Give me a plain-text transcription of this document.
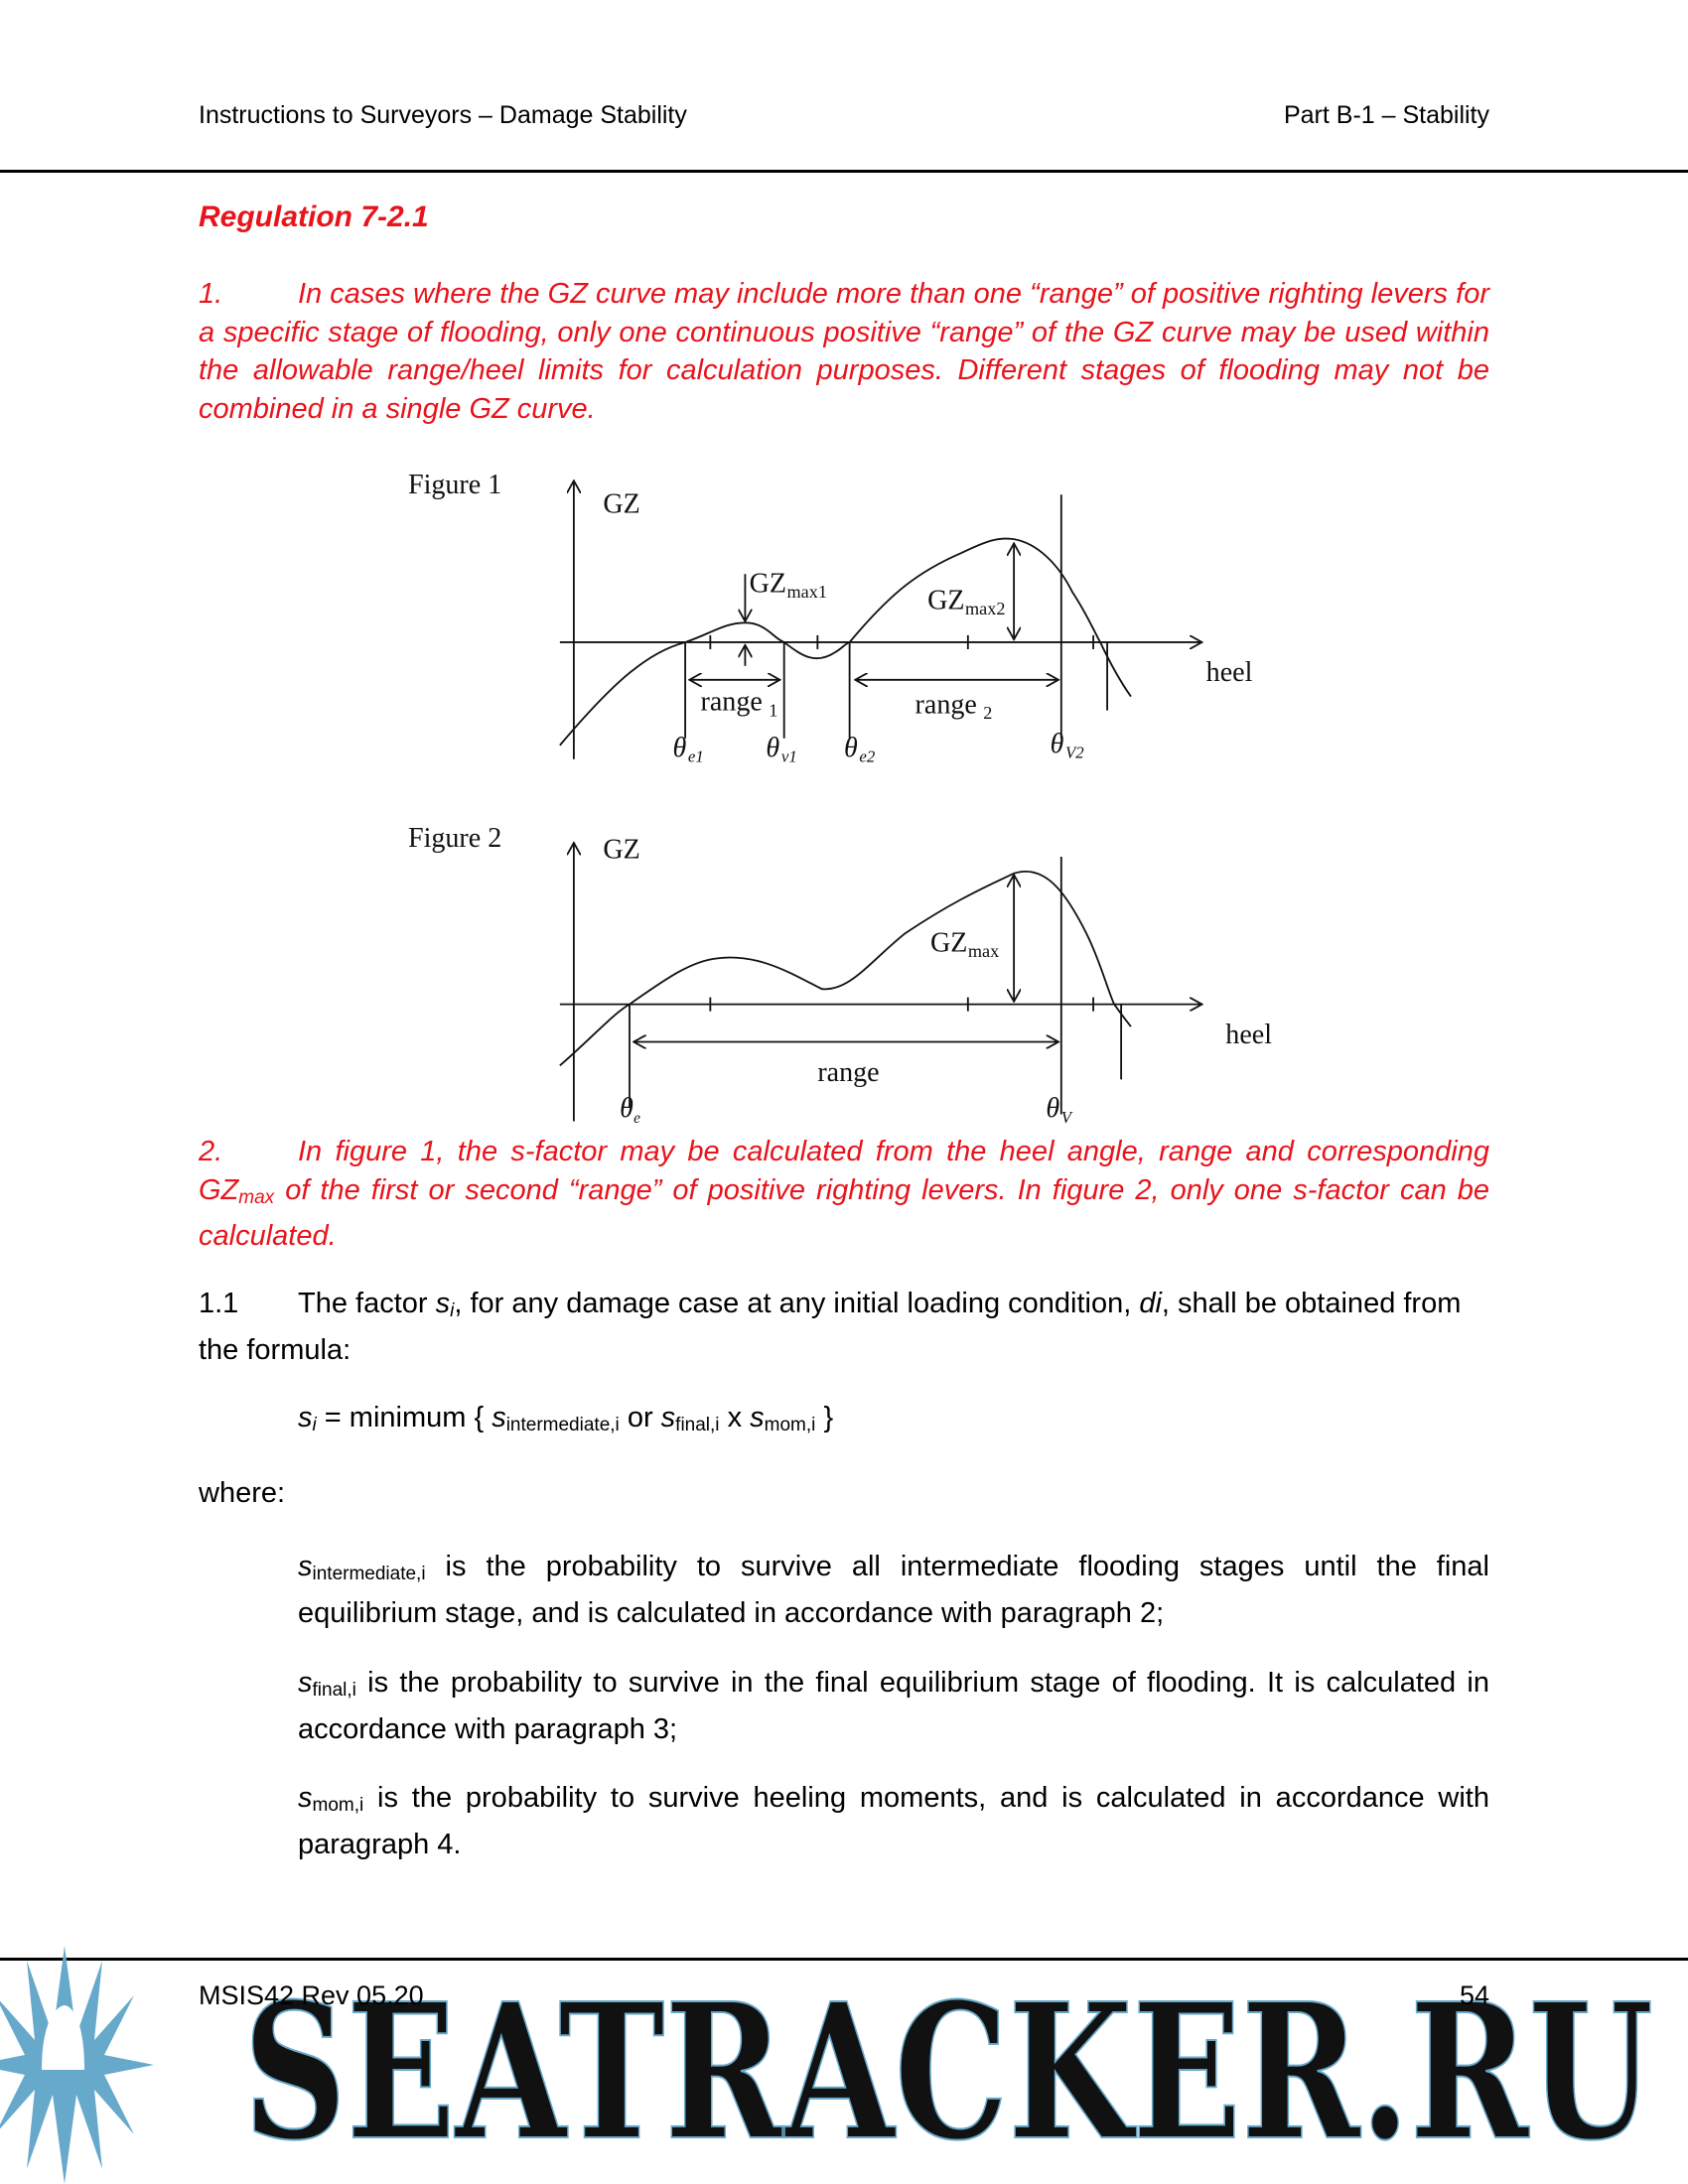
Instructions to Surveyors – Damage Stability	Part B-1 – Stability
Regulation 7-2.1
1.	In cases where the GZ curve may include more than one “range” of positive righting levers for a specific stage of flooding, only one continuous positive “range” of the GZ curve may be used within the allowable range/heel limits for calculation purposes. Different stages of flooding may not be combined in a single GZ curve.
Figure 1
GZ
heel
GZ max1	GZ max2
range 1	range 2
θ e1	θ v1 θ e2	θ V2
Figure 2	GZ
heel
GZ max
range
θ e	θ V
2.	In figure 1, the s-factor may be calculated from the heel angle, range and corresponding $GZ_{max}$ of the first or second “range” of positive righting levers. In figure 2, only one s-factor can be calculated.
1.1 The factor $s_i$, for any damage case at any initial loading condition, di, shall be obtained from the formula:
$s_i$ = minimum { $s_{intermediate,i}$ or $s_{final,i}$ x $s_{mom,i}$ }
where:
$s_{intermediate,i}$ is the probability to survive all intermediate flooding stages until the final equilibrium stage, and is calculated in accordance with paragraph 2;
$s_{final,i}$ is the probability to survive in the final equilibrium stage of flooding. It is calculated in accordance with paragraph 3;
$s_{mom,i}$ is the probability to survive heeling moments, and is calculated in accordance with paragraph 4.
SEATRACKER.RU
MSIS42 Rev 05.20	54
